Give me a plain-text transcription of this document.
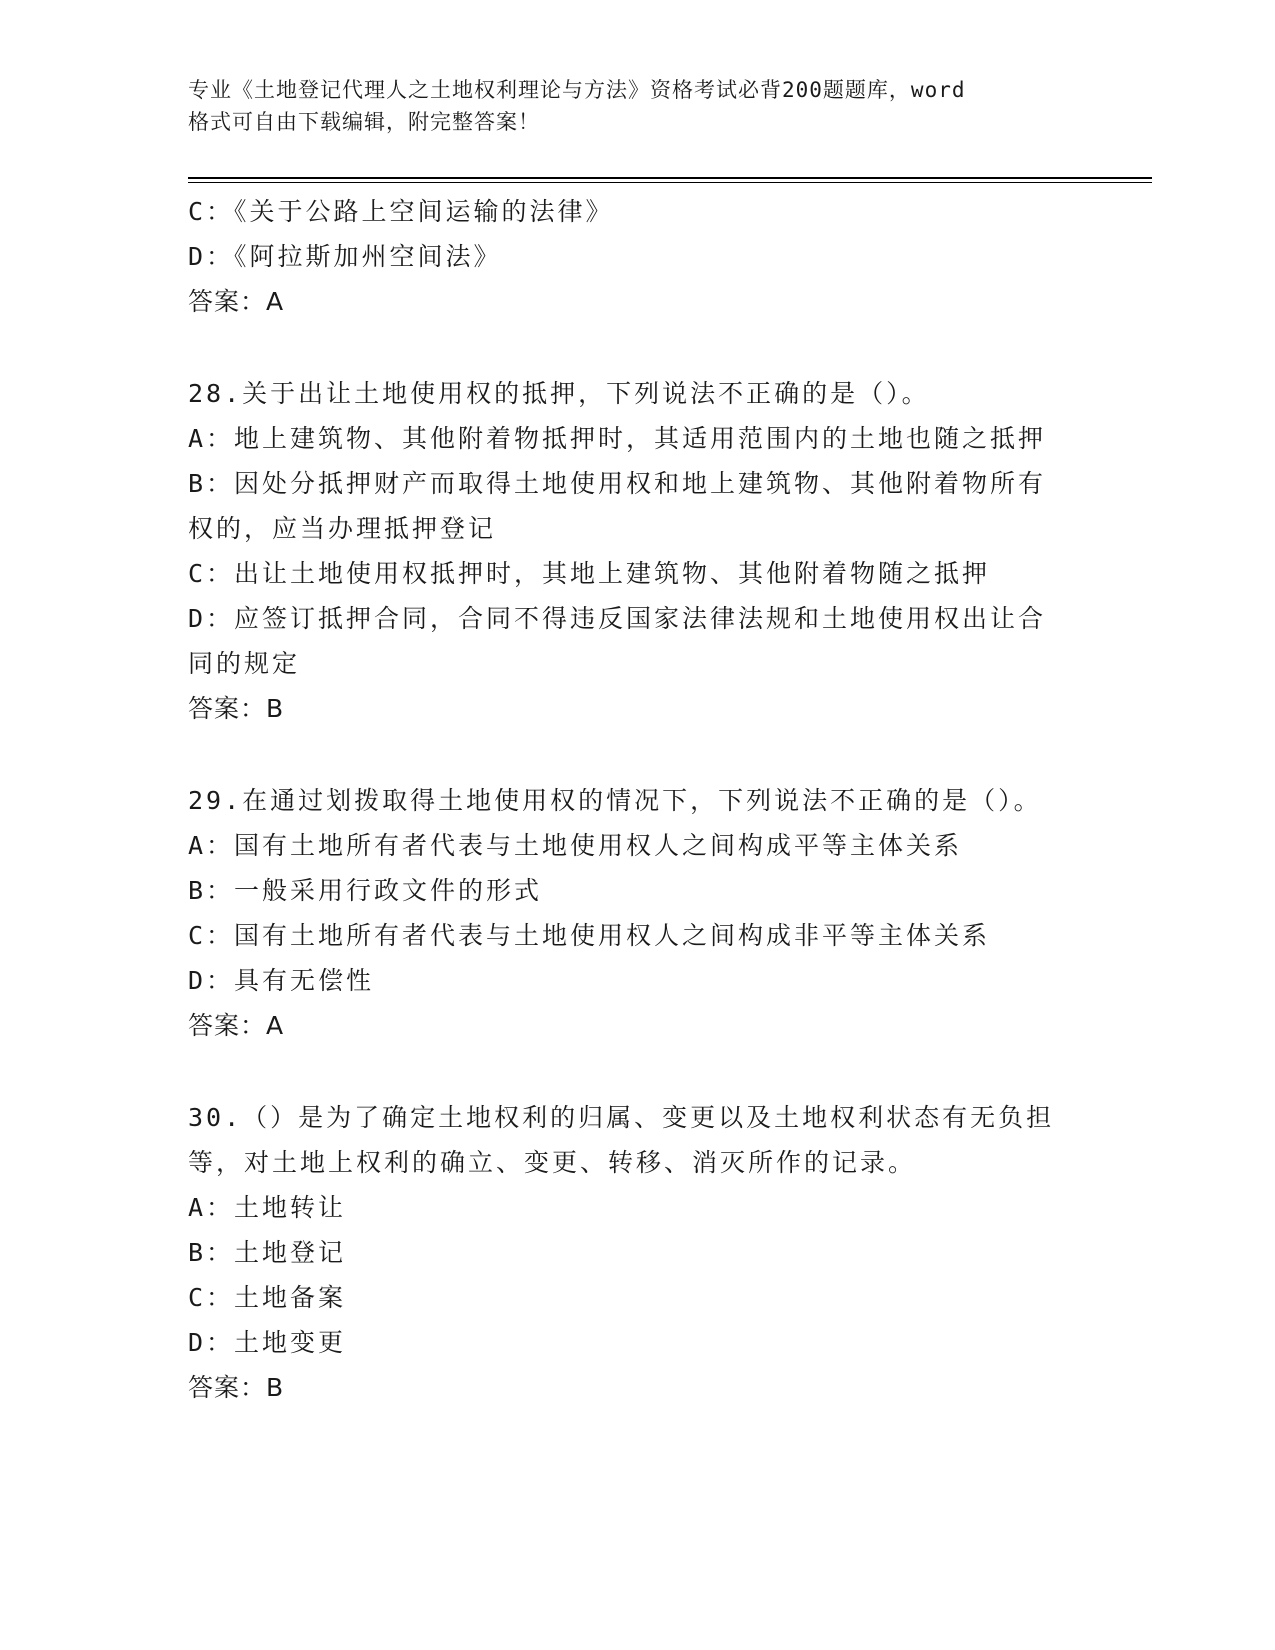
专业《土地登记代理人之土地权利理论与方法》资格考试必背200题题库，word
格式可自由下载编辑，附完整答案！
C：《关于公路上空间运输的法律》
D：《阿拉斯加州空间法》
答案：A
28.关于出让土地使用权的抵押，下列说法不正确的是（）。
A：地上建筑物、其他附着物抵押时，其适用范围内的土地也随之抵押
B：因处分抵押财产而取得土地使用权和地上建筑物、其他附着物所有
权的，应当办理抵押登记
C：出让土地使用权抵押时，其地上建筑物、其他附着物随之抵押
D：应签订抵押合同，合同不得违反国家法律法规和土地使用权出让合
同的规定
答案：B
29.在通过划拨取得土地使用权的情况下，下列说法不正确的是（）。
A：国有土地所有者代表与土地使用权人之间构成平等主体关系
B：一般采用行政文件的形式
C：国有土地所有者代表与土地使用权人之间构成非平等主体关系
D：具有无偿性
答案：A
30.（）是为了确定土地权利的归属、变更以及土地权利状态有无负担
等，对土地上权利的确立、变更、转移、消灭所作的记录。
A：土地转让
B：土地登记
C：土地备案
D：土地变更
答案：B
